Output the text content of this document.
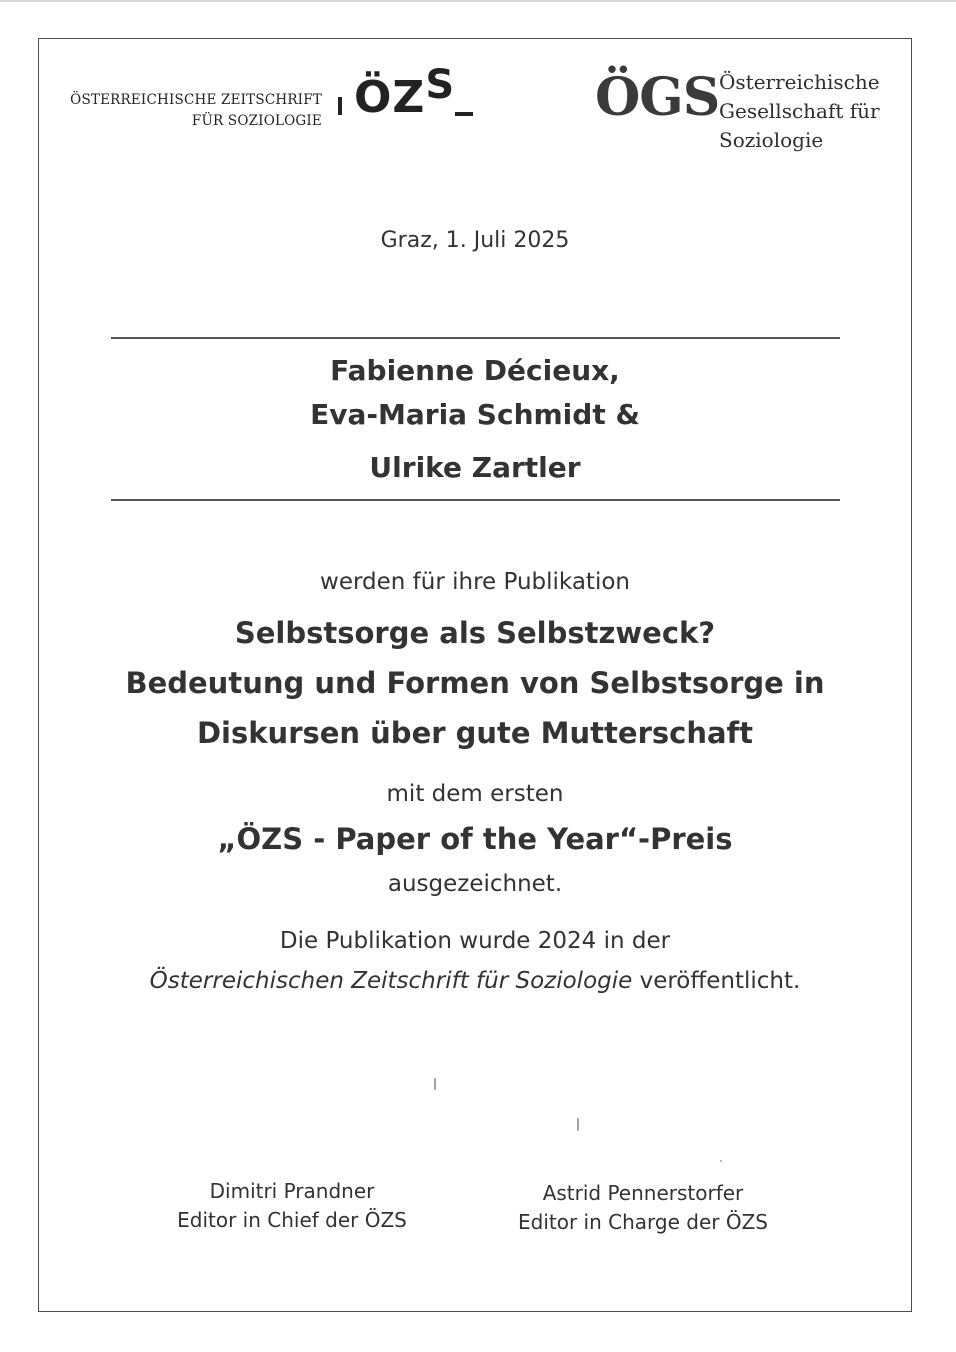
ÖSTERREICHISCHE ZEITSCHRIFT
FÜR SOZIOLOGIE ÖZS	ÖGS Österreichische
Gesellschaft für
Soziologie
Graz, 1. Juli 2025
Fabienne Décieux,
Eva-Maria Schmidt &
Ulrike Zartler
werden für ihre Publikation
Selbstsorge als Selbstzweck?
Bedeutung und Formen von Selbstsorge in
Diskursen über gute Mutterschaft
mit dem ersten
„ÖZS - Paper of the Year“-Preis
ausgezeichnet.
Die Publikation wurde 2024 in der
Österreichischen Zeitschrift für Soziologie veröffentlicht.
Dimitri Prandner
Editor in Chief der ÖZS
Astrid Pennerstorfer
Editor in Charge der ÖZS
